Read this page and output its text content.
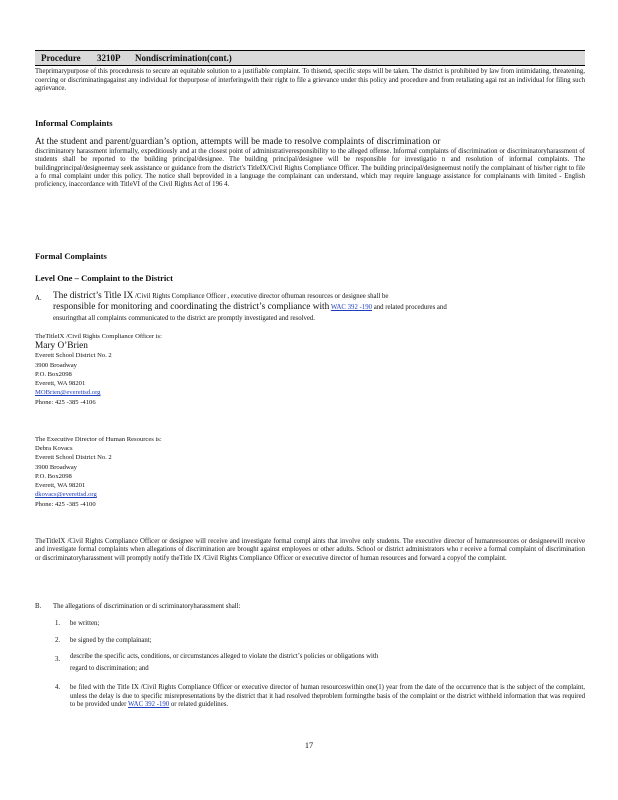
Procedure 3210P Nondiscrimination(cont.)

Theprimarypurpose of this proceduresis to secure an equitable solution to a justifiable complaint. To thisend, specific steps will be taken. The district is prohibited by law from intimidating, threatening, coercing or discriminatingagainst any individual for thepurpose of interferingwith their right to file a grievance under this policy and procedure and from retaliating agai nst an individual for filing such agrievance.

Informal Complaints

At the student and parent/guardian’s option, attempts will be made to resolve complaints of discrimination or

discriminatory harassment informally, expeditiously and at the closest point of administrativeresponsibility to the alleged offense. Informal complaints of discrimination or discriminatoryharassment of students shall be reported to the building principal/designee. The building principal/designee will be responsible for investigatio n and resolution of informal complaints. The buildingprincipal/designeemay seek assistance or guidance from the district's TitleIX/Civil Rights Compliance Officer. The building principal/designeemust notify the complainant of his/her right to file a fo rmal complaint under this policy. The notice shall beprovided in a language the complainant can understand, which may require language assistance for complainants with limited - English proficiency, inaccordance with TitleVI of the Civil Rights Act of 196 4.

Formal Complaints

Level One – Complaint to the District

A. The district’s Title IX /Civil Rights Compliance Officer , executive director ofhuman resources or designee shall be

responsible for monitoring and coordinating the district’s compliance with WAC 392 -190 and related procedures and

ensuringthat all complaints communicated to the district are promptly investigated and resolved.

TheTitleIX /Civil Rights Compliance Officer is:

Mary O’Brien
Everett School District No. 2
3900 Broadway
P.O. Box2098
Everett, WA 98201
MOBrien@everettsd.org
Phone: 425 -385 -4106

The Executive Director of Human Resources is:

Debra Kovacs
Everett School District No. 2
3900 Broadway
P.O. Box2098
Everett, WA 98201
dkovacs@everettsd.org
Phone: 425 -385 -4100

TheTitleIX /Civil Rights Compliance Officer or designee will receive and investigate formal compl aints that involve only students. The executive director of humanresources or designeewill receive and investigate formal complaints when allegations of discrimination are brought against employees or other adults. School or district administrators who r eceive a formal complaint of discrimination or discriminatoryharassment will promptly notify theTitle IX /Civil Rights Compliance Officer or executive director of human resources and forward a copyof the complaint.

B. The allegations of discrimination or di scriminatoryharassment shall:

1. be written;

2. be signed by the complainant;

3. describe the specific acts, conditions, or circumstances alleged to violate the district’s policies or obligations with

regard to discrimination; and

4. be filed with the Title IX /Civil Rights Compliance Officer or executive director of human resourceswithin one(1) year from the date of the occurrence that is the subject of the complaint, unless the delay is due to specific misrepresentations by the district that it had resolved theproblem formingthe basis of the complaint or the district withheld information that was required to be provided under WAC 392 -190 or related guidelines.

17
